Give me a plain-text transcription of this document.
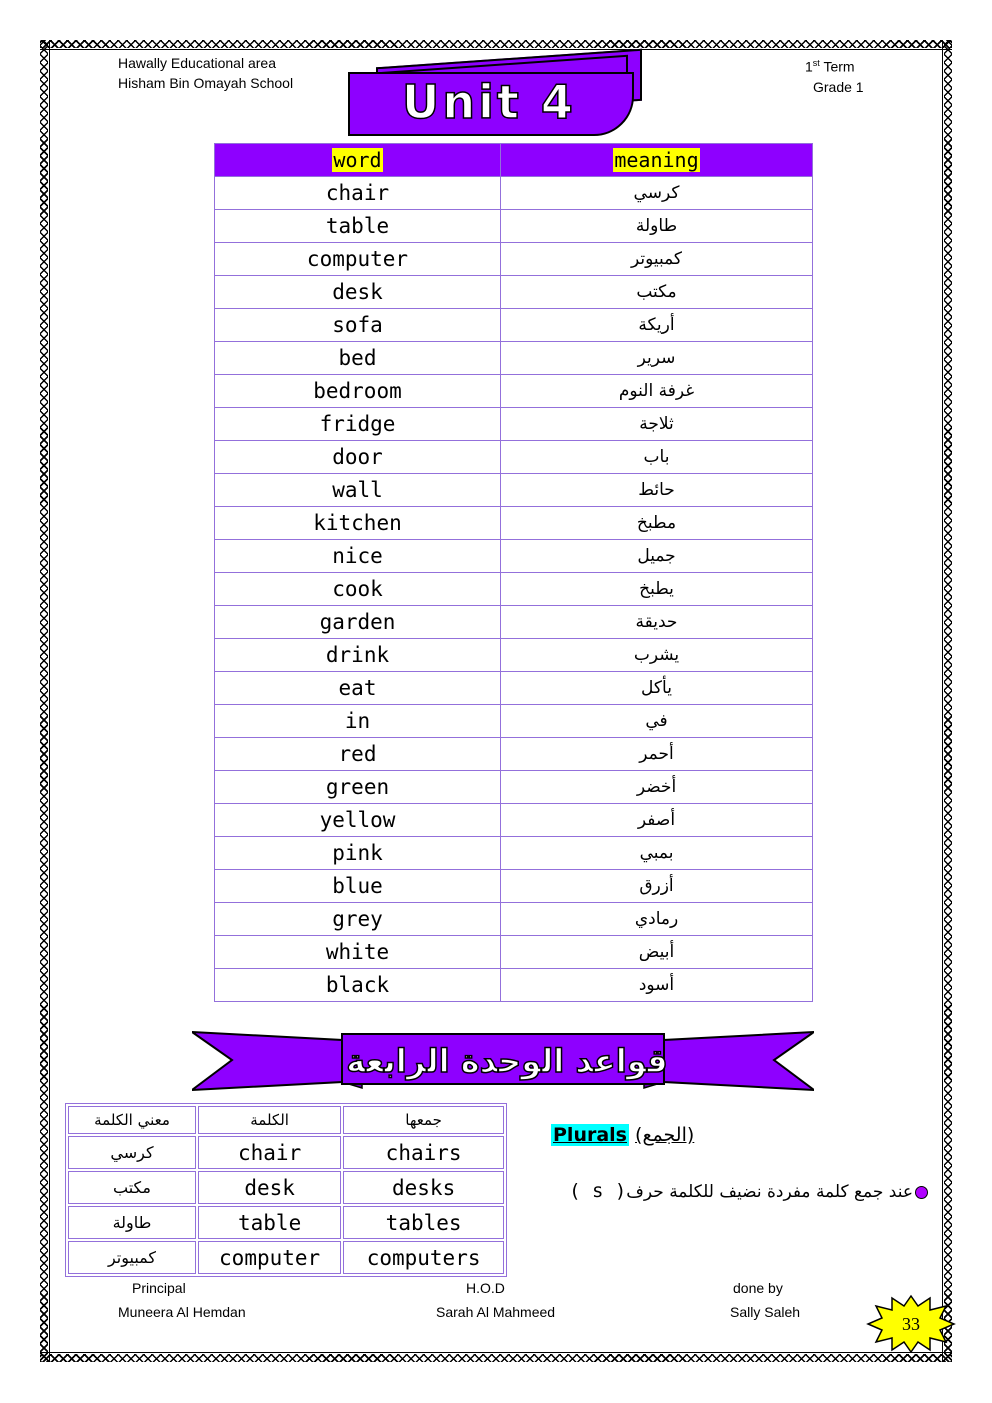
Hawally Educational area
Hisham Bin Omayah School
1st Term
Grade 1
Unit 4
word	meaning
chair	كرسي
table	طاولة
computer	كمبيوتر
desk	مكتب
sofa	أريكة
bed	سرير
bedroom	غرفة النوم
fridge	ثلاجة
door	باب
wall	حائط
kitchen	مطبخ
nice	جميل
cook	يطبخ
garden	حديقة
drink	يشرب
eat	يأكل
in	في
red	أحمر
green	أخضر
yellow	أصفر
pink	بمبي
blue	أزرق
grey	رمادي
white	أبيض
black	أسود
قواعد الوحدة الرابعة
معني الكلمة	الكلمة	جمعها
كرسي	chair	chairs
مكتب	desk	desks
طاولة	table	tables
كمبيوتر	computer	computers
Plurals (الجمع)
عند جمع كلمة مفردة نضيف للكلمة حرف( s )
Principal
Muneera Al Hemdan
H.O.D
Sarah Al Mahmeed
done by
Sally Saleh
33
